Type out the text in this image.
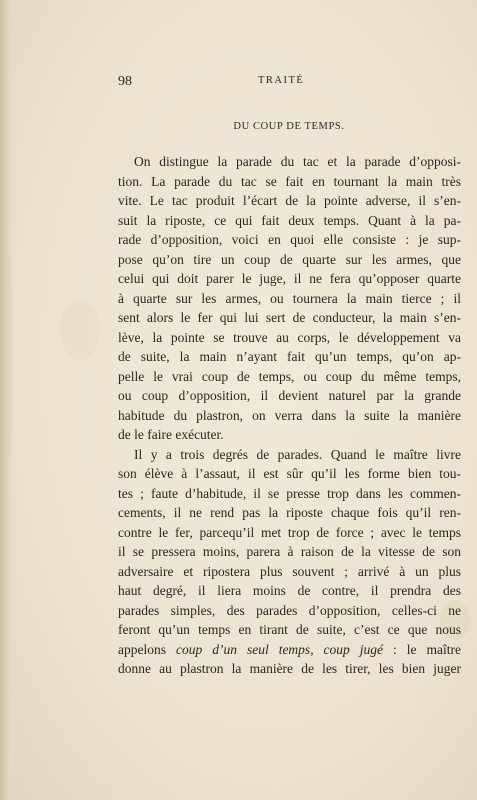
98	TRAITÉ
DU COUP DE TEMPS.
On distingue la parade du tac et la parade d’opposi-
tion. La parade du tac se fait en tournant la main très
vite. Le tac produit l’écart de la pointe adverse, il s’en-
suit la riposte, ce qui fait deux temps. Quant à la pa-
rade d’opposition, voici en quoi elle consiste : je sup-
pose qu’on tire un coup de quarte sur les armes, que
celui qui doit parer le juge, il ne fera qu’opposer quarte
à quarte sur les armes, ou tournera la main tierce ; il
sent alors le fer qui lui sert de conducteur, la main s’en-
lève, la pointe se trouve au corps, le développement va
de suite, la main n’ayant fait qu’un temps, qu’on ap-
pelle le vrai coup de temps, ou coup du même temps,
ou coup d’opposition, il devient naturel par la grande
habitude du plastron, on verra dans la suite la manière
de le faire exécuter.
Il y a trois degrés de parades. Quand le maître livre
son élève à l’assaut, il est sûr qu’il les forme bien tou-
tes ; faute d’habitude, il se presse trop dans les commen-
cements, il ne rend pas la riposte chaque fois qu’il ren-
contre le fer, parcequ’il met trop de force ; avec le temps
il se pressera moins, parera à raison de la vitesse de son
adversaire et ripostera plus souvent ; arrivé à un plus
haut degré, il liera moins de contre, il prendra des
parades simples, des parades d’opposition, celles-ci ne
feront qu’un temps en tirant de suite, c’est ce que nous
appelons coup d’un seul temps, coup jugé : le maître
donne au plastron la manière de les tirer, les bien juger
